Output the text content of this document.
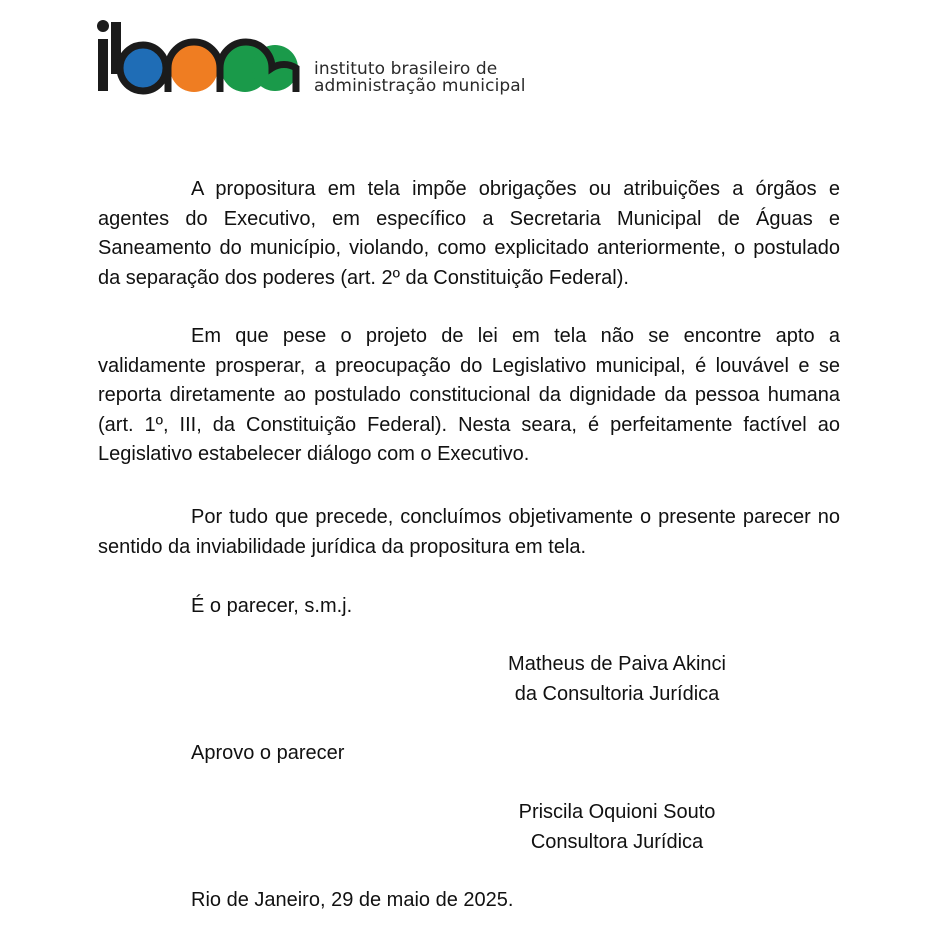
instituto brasileiro de
administração municipal

A propositura em tela impõe obrigações ou atribuições a órgãos e agentes do Executivo, em específico a Secretaria Municipal de Águas e Saneamento do município, violando, como explicitado anteriormente, o postulado da separação dos poderes (art. 2º da Constituição Federal).

Em que pese o projeto de lei em tela não se encontre apto a validamente prosperar, a preocupação do Legislativo municipal, é louvável e se reporta diretamente ao postulado constitucional da dignidade da pessoa humana (art. 1º, III, da Constituição Federal). Nesta seara, é perfeitamente factível ao Legislativo estabelecer diálogo com o Executivo.

Por tudo que precede, concluímos objetivamente o presente parecer no sentido da inviabilidade jurídica da propositura em tela.

É o parecer, s.m.j.
Matheus de Paiva Akinci
da Consultoria Jurídica
Aprovo o parecer
Priscila Oquioni Souto
Consultora Jurídica
Rio de Janeiro, 29 de maio de 2025.
